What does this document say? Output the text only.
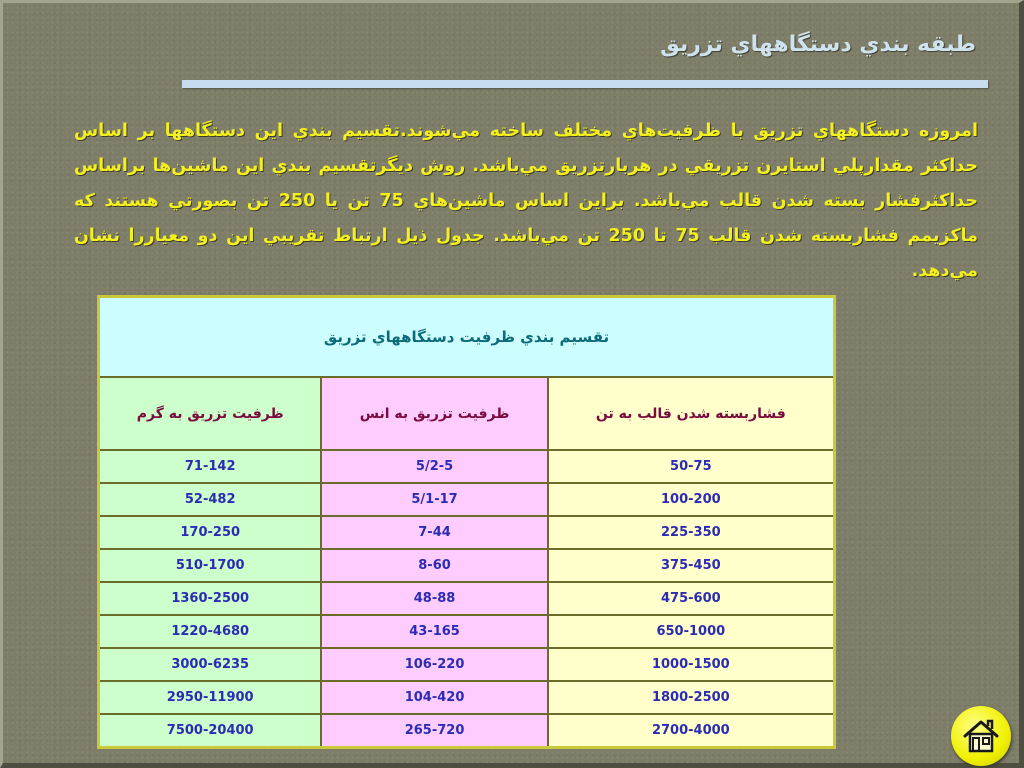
طبقه بندي دستگاههاي تزريق
امروزه دستگاههاي تزريق با ظرفيت‌هاي مختلف ساخته مي‌شوند.تقسيم بندي اين دستگاهها بر اساس حداكثر مقدارپلي استايرن تزريقي در هربارتزريق مي‌باشد. روش ديگرتقسيم بندي اين ماشين‌ها براساس حداكثرفشار بسته شدن قالب مي‌باشد. براين اساس ماشين‌هاي 75 تن يا 250 تن بصورتي هستند كه ماكزيمم فشاربسته شدن قالب 75 تا 250 تن مي‌باشد. جدول ذيل ارتباط تقريبي اين دو معياررا نشان مي‌دهد.
تقسيم بندي ظرفيت دستگاههاي تزريق		
فشاربسته شدن قالب به تن	ظرفيت تزريق به انس	ظرفيت تزريق به گرم
50-75	5/2-5	71-142
100-200	5/1-17	52-482
225-350	7-44	170-250
375-450	8-60	510-1700
475-600	48-88	1360-2500
650-1000	43-165	1220-4680
1000-1500	106-220	3000-6235
1800-2500	104-420	2950-11900
2700-4000	265-720	7500-20400
